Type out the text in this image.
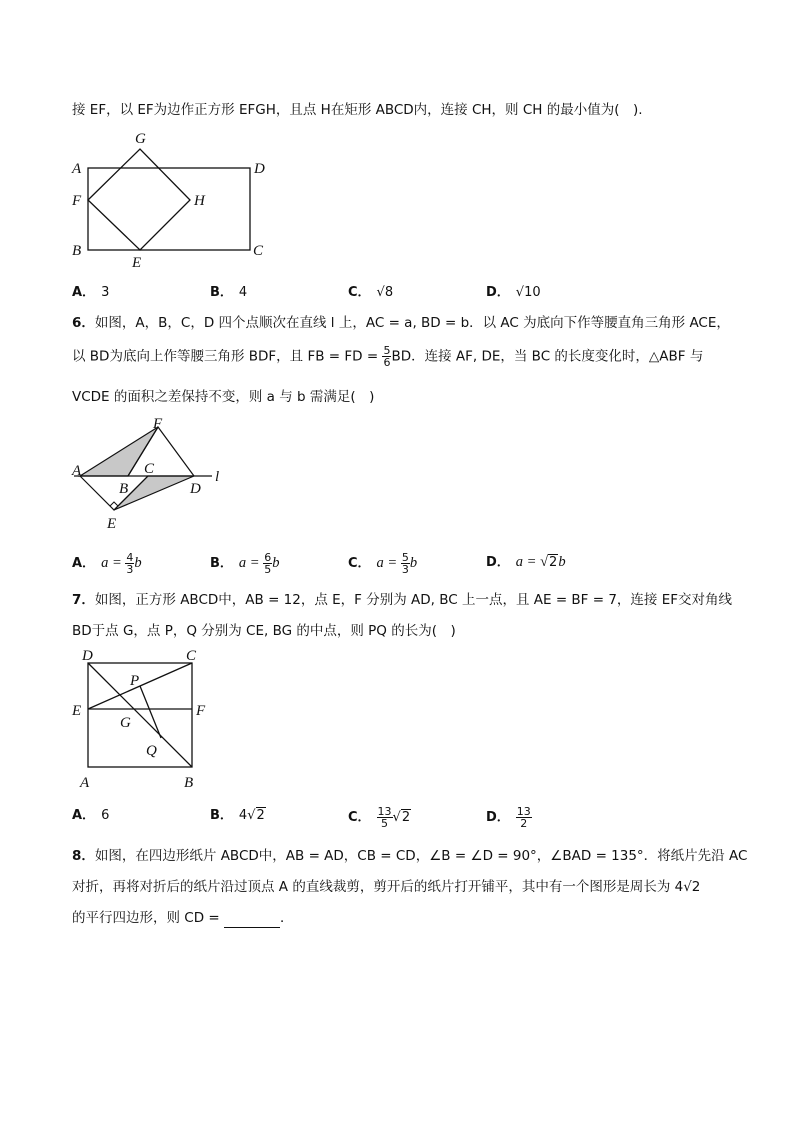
接 EF，以 EF为边作正方形 EFGH，且点 H在矩形 ABCD内，连接 CH，则 CH 的最小值为(　).
A
B	C
D
E
F
G
H
A． 3	B． 4	C． √8	D． √10
6．如图，A，B，C，D 四个点顺次在直线 l 上，AC = a, BD = b．以 AC 为底向下作等腰直角三角形 ACE，
以 BD为底向上作等腰三角形 BDF，且 FB = FD = $\frac{5}{6}$ BD．连接 AF, DE，当 BC 的长度变化时，△ABF 与
VCDE 的面积之差保持不变，则 a 与 b 需满足(　)
A
B
C
D
E
F
l
A． $a = \frac{4}{3}$ b	B． $a = \frac{6}{5}$ b	C． $a = \frac{5}{3}$ b	D． a = √2b
7．如图，正方形 ABCD中，AB = 12，点 E，F 分别为 AD, BC 上一点，且 AE = BF = 7，连接 EF交对角线
BD于点 G，点 P，Q 分别为 CE, BG 的中点，则 PQ 的长为(　)
D	C
E	F
G
P
Q
A	B
A． 6	B． 4√2	C． $\frac{13}{5} √2$	D． $\frac{13}{2}$
8．如图，在四边形纸片 ABCD中，AB = AD，CB = CD，∠B = ∠D = 90°，∠BAD = 135°．将纸片先沿 AC
对折，再将对折后的纸片沿过顶点 A 的直线裁剪，剪开后的纸片打开铺平，其中有一个图形是周长为 4√2
的平行四边形，则 CD =	．
